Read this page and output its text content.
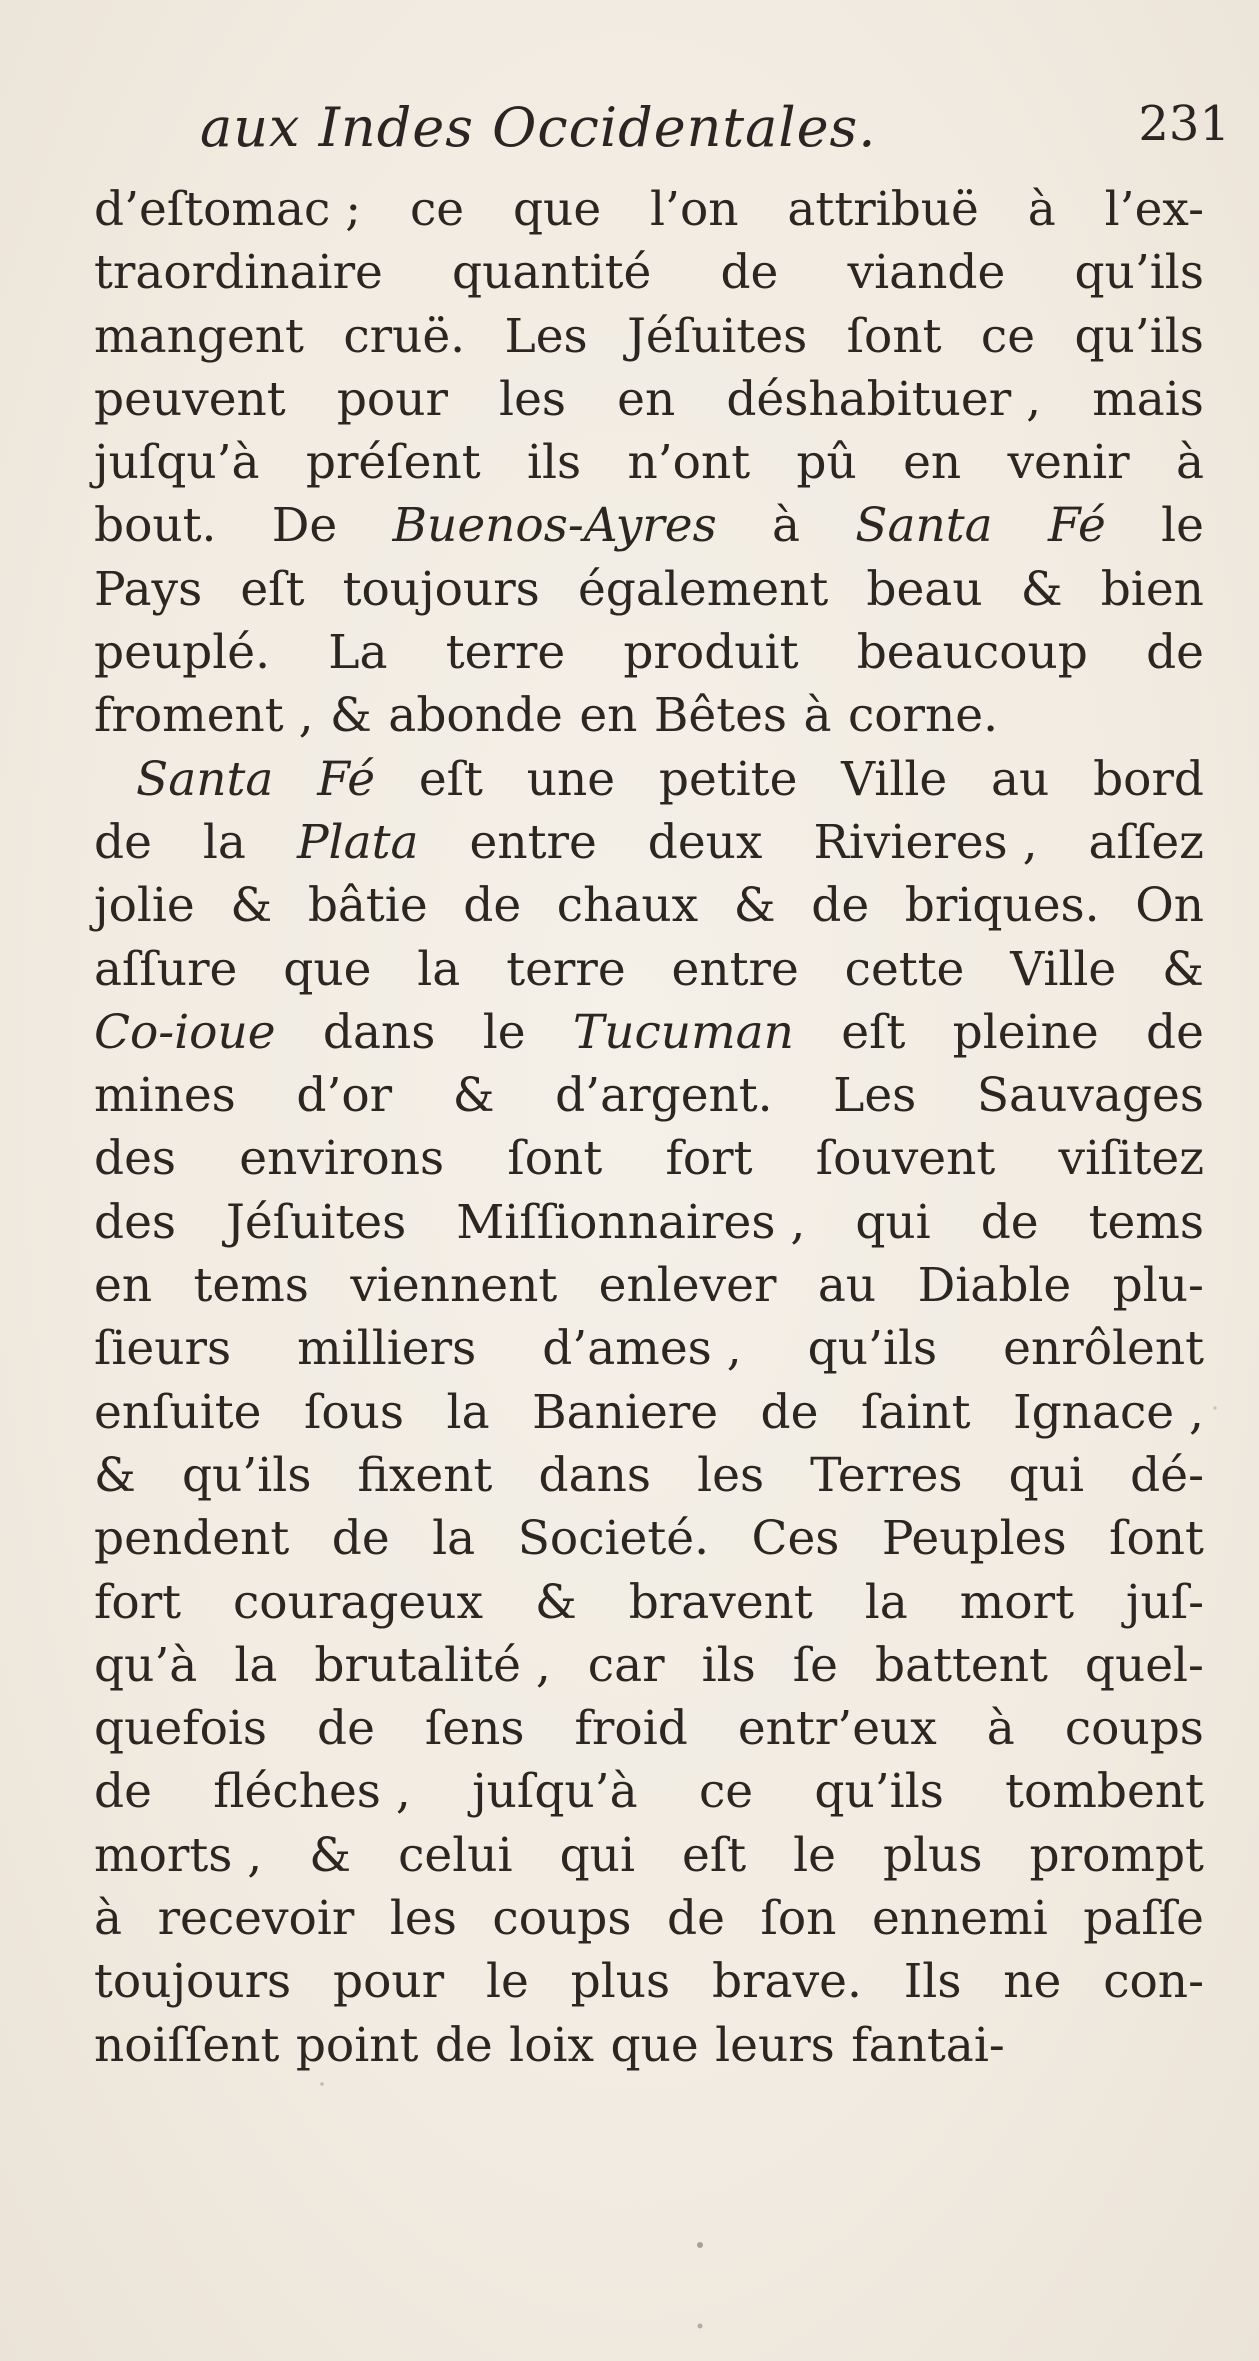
aux Indes Occidentales.	231
d’eſtomac ; ce que l’on attribuë à l’ex-
traordinaire quantité de viande qu’ils
mangent cruë. Les Jéſuites ſont ce qu’ils
peuvent pour les en déshabituer , mais
juſqu’à préſent ils n’ont pû en venir à
bout. De Buenos-Ayres à Santa Fé le
Pays eſt toujours également beau & bien
peuplé. La terre produit beaucoup de
froment , & abonde en Bêtes à corne.
Santa Fé eſt une petite Ville au bord
de la Plata entre deux Rivieres , aſſez
jolie & bâtie de chaux & de briques. On
aſſure que la terre entre cette Ville &
Co-ioue dans le Tucuman eſt pleine de
mines d’or & d’argent. Les Sauvages
des environs ſont fort ſouvent viſitez
des Jéſuites Miſſionnaires , qui de tems
en tems viennent enlever au Diable plu-
ſieurs milliers d’ames , qu’ils enrôlent
enſuite ſous la Baniere de ſaint Ignace ,
& qu’ils fixent dans les Terres qui dé-
pendent de la Societé. Ces Peuples ſont
fort courageux & bravent la mort juſ-
qu’à la brutalité , car ils ſe battent quel-
quefois de ſens froid entr’eux à coups
de fléches , juſqu’à ce qu’ils tombent
morts , & celui qui eſt le plus prompt
à recevoir les coups de ſon ennemi paſſe
toujours pour le plus brave. Ils ne con-
noiſſent point de loix que leurs fantai-
